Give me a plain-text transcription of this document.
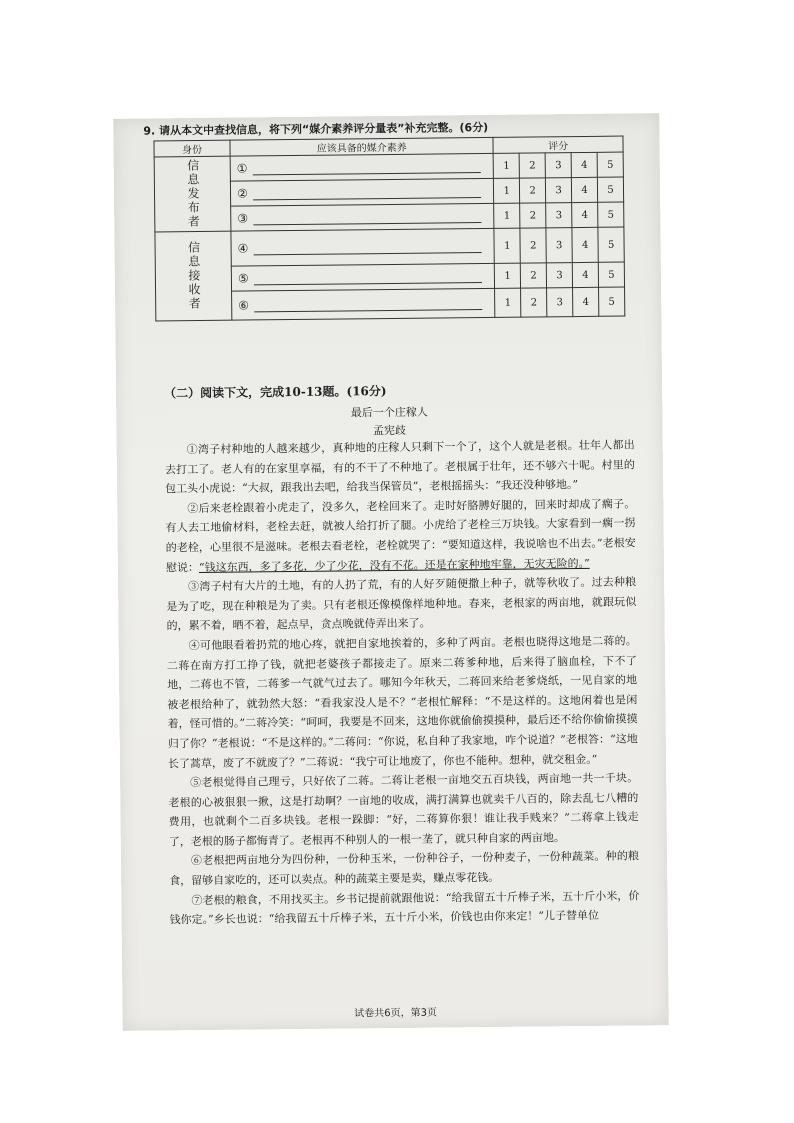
9. 请从本文中查找信息，将下列“媒介素养评分量表”补充完整。(6分)
身份	应该具备的媒介素养	评分				
信息发布者	①	1	2	3	4	5
	②	1	2	3	4	5
	③	1	2	3	4	5
信息接收者	④	1	2	3	4	5
	⑤	1	2	3	4	5
	⑥	1	2	3	4	5
（二）阅读下文，完成10-13题。(16分)
最后一个庄稼人
孟宪歧

①湾子村种地的人越来越少，真种地的庄稼人只剩下一个了，这个人就是老根。壮年人都出去打工了。老人有的在家里享福，有的不干了不种地了。老根属于壮年，还不够六十呢。村里的包工头小虎说：“大叔，跟我出去吧，给我当保管员”，老根摇摇头：“我还没种够地。”

②后来老栓跟着小虎走了，没多久，老栓回来了。走时好胳膊好腿的，回来时却成了瘸子。有人去工地偷材料，老栓去赶，就被人给打折了腿。小虎给了老栓三万块钱。大家看到一瘸一拐的老栓，心里很不是滋味。老根去看老栓，老栓就哭了：“要知道这样，我说啥也不出去。”老根安慰说：“钱这东西，多了多花，少了少花，没有不花。还是在家种地牢靠，无灾无险的。”

③湾子村有大片的土地，有的人扔了荒，有的人好歹随便撒上种子，就等秋收了。过去种粮是为了吃，现在种粮是为了卖。只有老根还像模像样地种地。春来，老根家的两亩地，就跟玩似的，累不着，晒不着，起点早，贪点晚就侍弄出来了。

④可他眼看着扔荒的地心疼，就把自家地挨着的，多种了两亩。老根也晓得这地是二蒋的。二蒋在南方打工挣了钱，就把老婆孩子都接走了。原来二蒋爹种地，后来得了脑血栓，下不了地，二蒋也不管，二蒋爹一气就气过去了。哪知今年秋天，二蒋回来给老爹烧纸，一见自家的地被老根给种了，就勃然大怒：“看我家没人是不？”老根忙解释：“不是这样的。这地闲着也是闲着，怪可惜的。”二蒋冷笑：“呵呵，我要是不回来，这地你就偷偷摸摸种，最后还不给你偷偷摸摸归了你？”老根说：“不是这样的。”二蒋问：“你说，私自种了我家地，咋个说道？”老根答：“这地长了蒿草，废了不就废了？”二蒋说：“我宁可让地废了，你也不能种。想种，就交租金。”

⑤老根觉得自己理亏，只好依了二蒋。二蒋让老根一亩地交五百块钱，两亩地一共一千块。老根的心被狠狠一揪，这是打劫啊？一亩地的收成，满打满算也就卖千八百的，除去乱七八糟的费用，也就剩个二百多块钱。老根一跺脚：“好，二蒋算你狠！谁让我手贱来？”二蒋拿上钱走了，老根的肠子都悔青了。老根再不种别人的一根一垄了，就只种自家的两亩地。

⑥老根把两亩地分为四份种，一份种玉米，一份种谷子，一份种麦子，一份种蔬菜。种的粮食，留够自家吃的，还可以卖点。种的蔬菜主要是卖，赚点零花钱。

⑦老根的粮食，不用找买主。乡书记提前就跟他说：“给我留五十斤棒子米，五十斤小米，价钱你定。”乡长也说：“给我留五十斤棒子米，五十斤小米，价钱也由你来定！”儿子替单位

试卷共6页，第3页
